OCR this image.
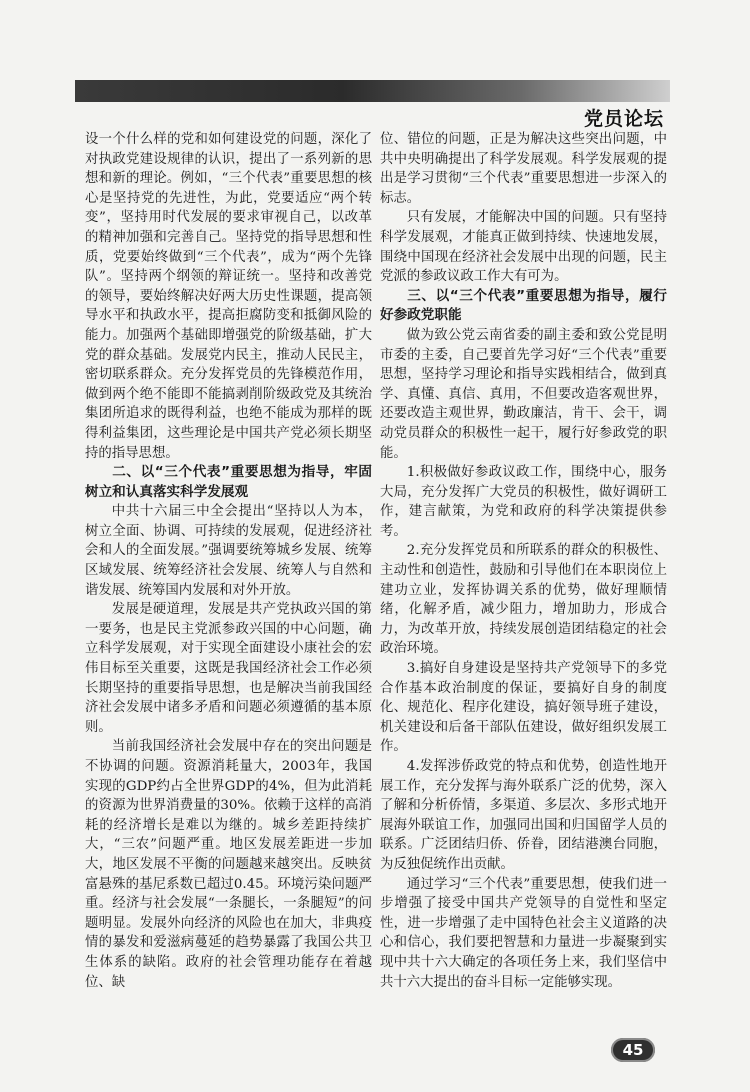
党员论坛

设一个什么样的党和如何建设党的问题，深化了对执政党建设规律的认识，提出了一系列新的思想和新的理论。例如，“三个代表”重要思想的核心是坚持党的先进性，为此，党要适应“两个转变”，坚持用时代发展的要求审视自己，以改革的精神加强和完善自己。坚持党的指导思想和性质，党要始终做到“三个代表”，成为“两个先锋队”。坚持两个纲领的辩证统一。坚持和改善党的领导，要始终解决好两大历史性课题，提高领导水平和执政水平，提高拒腐防变和抵御风险的能力。加强两个基础即增强党的阶级基础，扩大党的群众基础。发展党内民主，推动人民民主，密切联系群众。充分发挥党员的先锋模范作用，做到两个绝不能即不能搞剥削阶级政党及其统治集团所追求的既得利益，也绝不能成为那样的既得利益集团，这些理论是中国共产党必须长期坚持的指导思想。

二、以“三个代表”重要思想为指导，牢固树立和认真落实科学发展观

中共十六届三中全会提出“坚持以人为本，树立全面、协调、可持续的发展观，促进经济社会和人的全面发展。”强调要统筹城乡发展、统筹区域发展、统筹经济社会发展、统筹人与自然和谐发展、统筹国内发展和对外开放。

发展是硬道理，发展是共产党执政兴国的第一要务，也是民主党派参政兴国的中心问题，确立科学发展观，对于实现全面建设小康社会的宏伟目标至关重要，这既是我国经济社会工作必须长期坚持的重要指导思想，也是解决当前我国经济社会发展中诸多矛盾和问题必须遵循的基本原则。

当前我国经济社会发展中存在的突出问题是不协调的问题。资源消耗量大，2003年，我国实现的GDP约占全世界GDP的4%，但为此消耗的资源为世界消费量的30%。依赖于这样的高消耗的经济增长是难以为继的。城乡差距持续扩大，“三农”问题严重。地区发展差距进一步加大，地区发展不平衡的问题越来越突出。反映贫富悬殊的基尼系数已超过0.45。环境污染问题严重。经济与社会发展“一条腿长，一条腿短”的问题明显。发展外向经济的风险也在加大，非典疫情的暴发和爱滋病蔓延的趋势暴露了我国公共卫生体系的缺陷。政府的社会管理功能存在着越位、缺

位、错位的问题，正是为解决这些突出问题，中共中央明确提出了科学发展观。科学发展观的提出是学习贯彻“三个代表”重要思想进一步深入的标志。

只有发展，才能解决中国的问题。只有坚持科学发展观，才能真正做到持续、快速地发展，围绕中国现在经济社会发展中出现的问题，民主党派的参政议政工作大有可为。

三、以“三个代表”重要思想为指导，履行好参政党职能

做为致公党云南省委的副主委和致公党昆明市委的主委，自己要首先学习好“三个代表”重要思想，坚持学习理论和指导实践相结合，做到真学、真懂、真信、真用，不但要改造客观世界，还要改造主观世界，勤政廉洁，肯干、会干，调动党员群众的积极性一起干，履行好参政党的职能。

1.积极做好参政议政工作，围绕中心，服务大局，充分发挥广大党员的积极性，做好调研工作，建言献策，为党和政府的科学决策提供参考。

2.充分发挥党员和所联系的群众的积极性、主动性和创造性，鼓励和引导他们在本职岗位上建功立业，发挥协调关系的优势，做好理顺情绪，化解矛盾，减少阻力，增加助力，形成合力，为改革开放，持续发展创造团结稳定的社会政治环境。

3.搞好自身建设是坚持共产党领导下的多党合作基本政治制度的保证，要搞好自身的制度化、规范化、程序化建设，搞好领导班子建设，机关建设和后备干部队伍建设，做好组织发展工作。

4.发挥涉侨政党的特点和优势，创造性地开展工作，充分发挥与海外联系广泛的优势，深入了解和分析侨情，多渠道、多层次、多形式地开展海外联谊工作，加强同出国和归国留学人员的联系。广泛团结归侨、侨眷，团结港澳台同胞，为反独促统作出贡献。

通过学习“三个代表”重要思想，使我们进一步增强了接受中国共产党领导的自觉性和坚定性，进一步增强了走中国特色社会主义道路的决心和信心，我们要把智慧和力量进一步凝聚到实现中共十六大确定的各项任务上来，我们坚信中共十六大提出的奋斗目标一定能够实现。

45
